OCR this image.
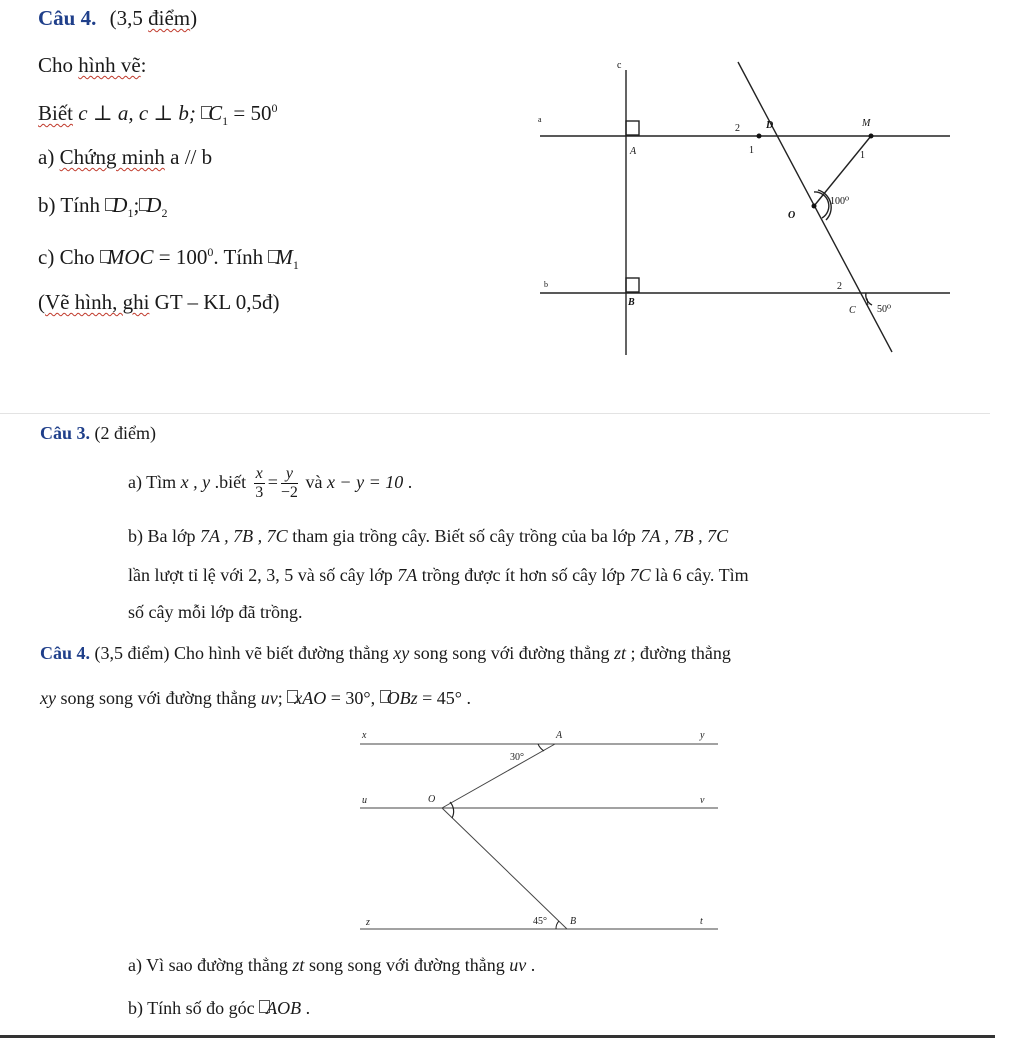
Câu 4. (3,5 điểm)
Cho hình vẽ:
Biết c ⊥ a, c ⊥ b; $C_1 = 50^0$
a) Chứng minh a // b
b) Tính $D_1$; $D_2$
c) Cho MOC = $100^0$. Tính $M_1$
(Vẽ hình, ghi GT – KL 0,5đ)
c
a
b
A
B
D	M
O
C
2
1	1
2
1
100⁰
50⁰
Câu 3. (2 điểm)
a) Tìm x , y .biết $\frac{x}{3} = \frac{y}{-2}$ và x − y = 10 .
b) Ba lớp 7A , 7B , 7C tham gia trồng cây. Biết số cây trồng của ba lớp 7A , 7B , 7C
lần lượt tỉ lệ với 2, 3, 5 và số cây lớp 7A trồng được ít hơn số cây lớp 7C là 6 cây. Tìm
số cây mỗi lớp đã trồng.
Câu 4. (3,5 điểm) Cho hình vẽ biết đường thẳng xy song song với đường thẳng zt ; đường thẳng
xy song song với đường thẳng uv; xAO = 30°, OBz = 45° .
x	A	y
30°
u	O	v
z	45° B	t
a) Vì sao đường thẳng zt song song với đường thẳng uv .
b) Tính số đo góc AOB .
